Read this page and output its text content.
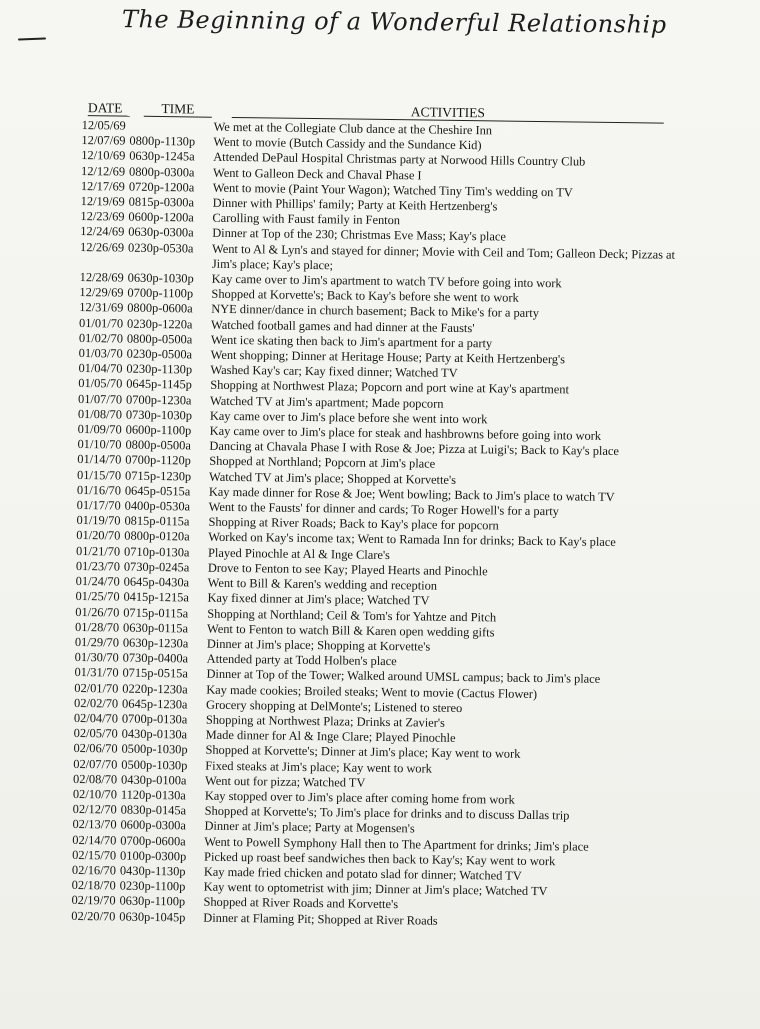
The Beginning of a Wonderful Relationship
DATE	TIME	ACTIVITIES
12/05/69	We met at the Collegiate Club dance at the Cheshire Inn
12/07/69 0800p-1130p	Went to movie (Butch Cassidy and the Sundance Kid)
12/10/69 0630p-1245a	Attended DePaul Hospital Christmas party at Norwood Hills Country Club
12/12/69 0800p-0300a	Went to Galleon Deck and Chaval Phase I
12/17/69 0720p-1200a	Went to movie (Paint Your Wagon); Watched Tiny Tim's wedding on TV
12/19/69 0815p-0300a	Dinner with Phillips' family; Party at Keith Hertzenberg's
12/23/69 0600p-1200a	Carolling with Faust family in Fenton
12/24/69 0630p-0300a	Dinner at Top of the 230; Christmas Eve Mass; Kay's place
12/26/69 0230p-0530a	Went to Al & Lyn's and stayed for dinner; Movie with Ceil and Tom; Galleon Deck; Pizzas at Jim's place; Kay's place;
12/28/69 0630p-1030p	Kay came over to Jim's apartment to watch TV before going into work
12/29/69 0700p-1100p	Shopped at Korvette's; Back to Kay's before she went to work
12/31/69 0800p-0600a	NYE dinner/dance in church basement; Back to Mike's for a party
01/01/70 0230p-1220a	Watched football games and had dinner at the Fausts'
01/02/70 0800p-0500a	Went ice skating then back to Jim's apartment for a party
01/03/70 0230p-0500a	Went shopping; Dinner at Heritage House; Party at Keith Hertzenberg's
01/04/70 0230p-1130p	Washed Kay's car; Kay fixed dinner; Watched TV
01/05/70 0645p-1145p	Shopping at Northwest Plaza; Popcorn and port wine at Kay's apartment
01/07/70 0700p-1230a	Watched TV at Jim's apartment; Made popcorn
01/08/70 0730p-1030p	Kay came over to Jim's place before she went into work
01/09/70 0600p-1100p	Kay came over to Jim's place for steak and hashbrowns before going into work
01/10/70 0800p-0500a	Dancing at Chavala Phase I with Rose & Joe; Pizza at Luigi's; Back to Kay's place
01/14/70 0700p-1120p	Shopped at Northland; Popcorn at Jim's place
01/15/70 0715p-1230p	Watched TV at Jim's place; Shopped at Korvette's
01/16/70 0645p-0515a	Kay made dinner for Rose & Joe; Went bowling; Back to Jim's place to watch TV
01/17/70 0400p-0530a	Went to the Fausts' for dinner and cards; To Roger Howell's for a party
01/19/70 0815p-0115a	Shopping at River Roads; Back to Kay's place for popcorn
01/20/70 0800p-0120a	Worked on Kay's income tax; Went to Ramada Inn for drinks; Back to Kay's place
01/21/70 0710p-0130a	Played Pinochle at Al & Inge Clare's
01/23/70 0730p-0245a	Drove to Fenton to see Kay; Played Hearts and Pinochle
01/24/70 0645p-0430a	Went to Bill & Karen's wedding and reception
01/25/70 0415p-1215a	Kay fixed dinner at Jim's place; Watched TV
01/26/70 0715p-0115a	Shopping at Northland; Ceil & Tom's for Yahtze and Pitch
01/28/70 0630p-0115a	Went to Fenton to watch Bill & Karen open wedding gifts
01/29/70 0630p-1230a	Dinner at Jim's place; Shopping at Korvette's
01/30/70 0730p-0400a	Attended party at Todd Holben's place
01/31/70 0715p-0515a	Dinner at Top of the Tower; Walked around UMSL campus; back to Jim's place
02/01/70 0220p-1230a	Kay made cookies; Broiled steaks; Went to movie (Cactus Flower)
02/02/70 0645p-1230a	Grocery shopping at DelMonte's; Listened to stereo
02/04/70 0700p-0130a	Shopping at Northwest Plaza; Drinks at Zavier's
02/05/70 0430p-0130a	Made dinner for Al & Inge Clare; Played Pinochle
02/06/70 0500p-1030p	Shopped at Korvette's; Dinner at Jim's place; Kay went to work
02/07/70 0500p-1030p	Fixed steaks at Jim's place; Kay went to work
02/08/70 0430p-0100a	Went out for pizza; Watched TV
02/10/70 1120p-0130a	Kay stopped over to Jim's place after coming home from work
02/12/70 0830p-0145a	Shopped at Korvette's; To Jim's place for drinks and to discuss Dallas trip
02/13/70 0600p-0300a	Dinner at Jim's place; Party at Mogensen's
02/14/70 0700p-0600a	Went to Powell Symphony Hall then to The Apartment for drinks; Jim's place
02/15/70 0100p-0300p	Picked up roast beef sandwiches then back to Kay's; Kay went to work
02/16/70 0430p-1130p	Kay made fried chicken and potato slad for dinner; Watched TV
02/18/70 0230p-1100p	Kay went to optometrist with jim; Dinner at Jim's place; Watched TV
02/19/70 0630p-1100p	Shopped at River Roads and Korvette's
02/20/70 0630p-1045p	Dinner at Flaming Pit; Shopped at River Roads
